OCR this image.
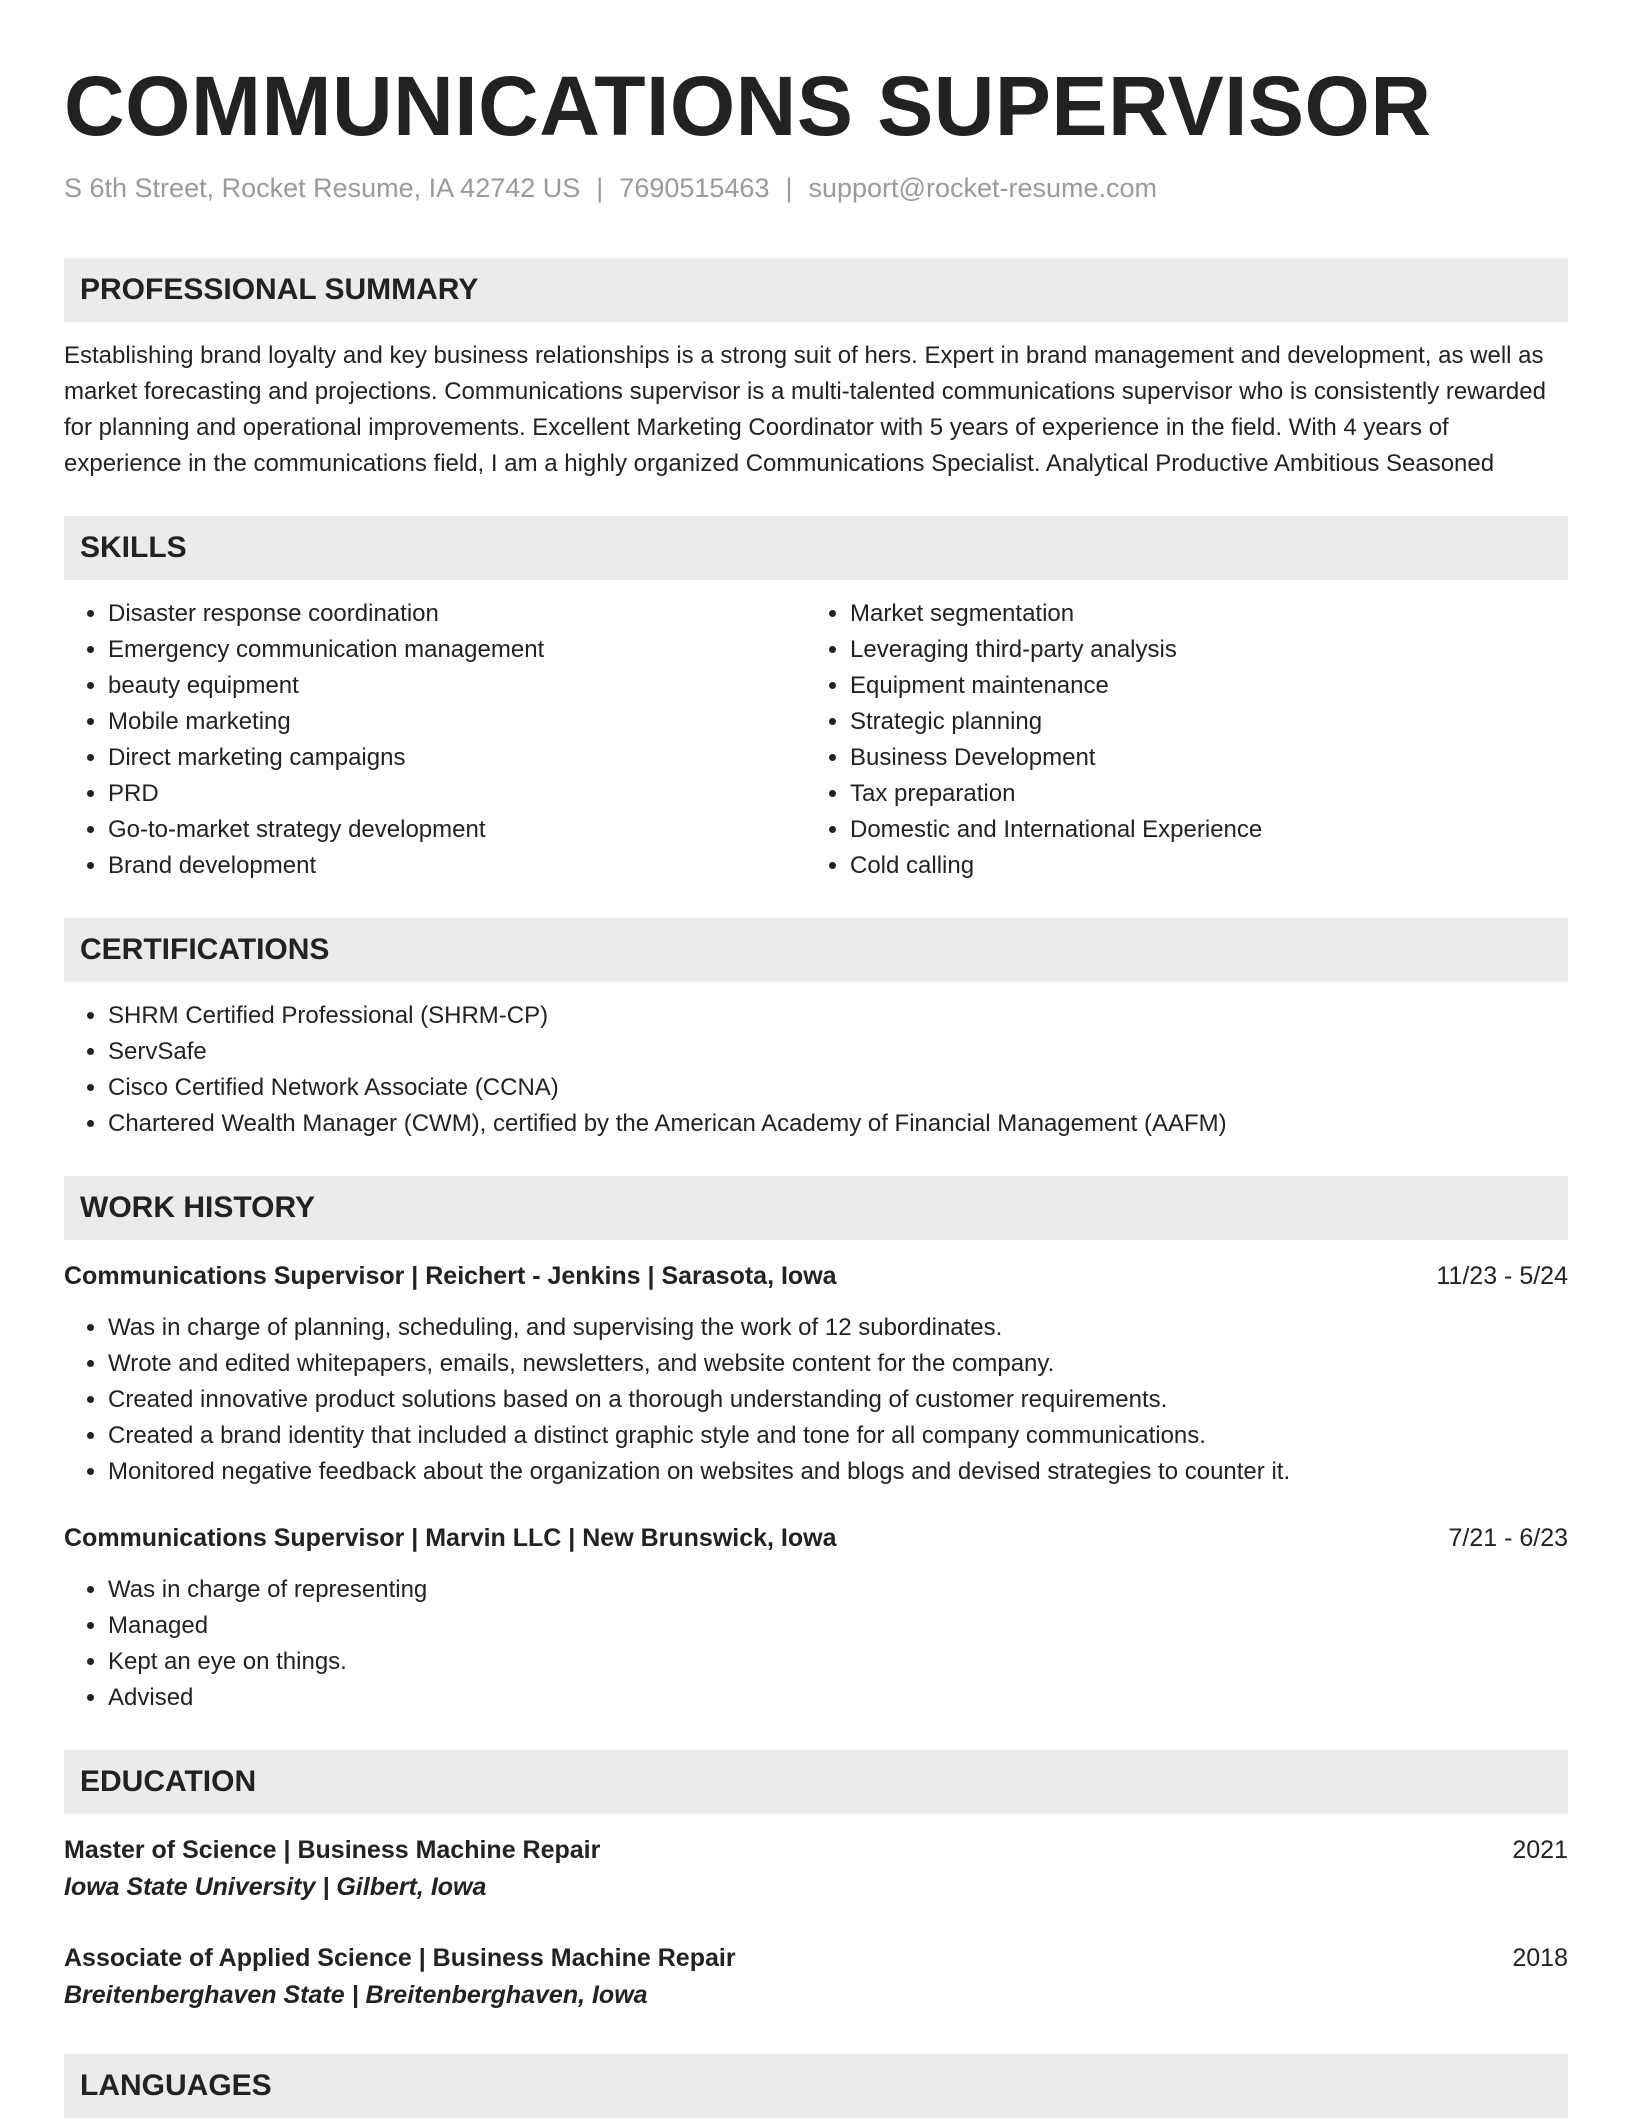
COMMUNICATIONS SUPERVISOR
S 6th Street, Rocket Resume, IA 42742 US | 7690515463 | support@rocket-resume.com
PROFESSIONAL SUMMARY

Establishing brand loyalty and key business relationships is a strong suit of hers. Expert in brand management and development, as well as market forecasting and projections. Communications supervisor is a multi-talented communications supervisor who is consistently rewarded for planning and operational improvements. Excellent Marketing Coordinator with 5 years of experience in the field. With 4 years of experience in the communications field, I am a highly organized Communications Specialist. Analytical Productive Ambitious Seasoned

SKILLS
• Disaster response coordination
• Emergency communication management
• beauty equipment
• Mobile marketing
• Direct marketing campaigns
• PRD
• Go-to-market strategy development
• Brand development
• Market segmentation
• Leveraging third-party analysis
• Equipment maintenance
• Strategic planning
• Business Development
• Tax preparation
• Domestic and International Experience
• Cold calling
CERTIFICATIONS
• SHRM Certified Professional (SHRM-CP)
• ServSafe
• Cisco Certified Network Associate (CCNA)
• Chartered Wealth Manager (CWM), certified by the American Academy of Financial Management (AAFM)
WORK HISTORY
Communications Supervisor | Reichert - Jenkins | Sarasota, Iowa	11/23 - 5/24
• Was in charge of planning, scheduling, and supervising the work of 12 subordinates.
• Wrote and edited whitepapers, emails, newsletters, and website content for the company.
• Created innovative product solutions based on a thorough understanding of customer requirements.
• Created a brand identity that included a distinct graphic style and tone for all company communications.
• Monitored negative feedback about the organization on websites and blogs and devised strategies to counter it.
Communications Supervisor | Marvin LLC | New Brunswick, Iowa	7/21 - 6/23
• Was in charge of representing
• Managed
• Kept an eye on things.
• Advised
EDUCATION
Master of Science | Business Machine Repair	2021
Iowa State University | Gilbert, Iowa
Associate of Applied Science | Business Machine Repair	2018
Breitenberghaven State | Breitenberghaven, Iowa
LANGUAGES
